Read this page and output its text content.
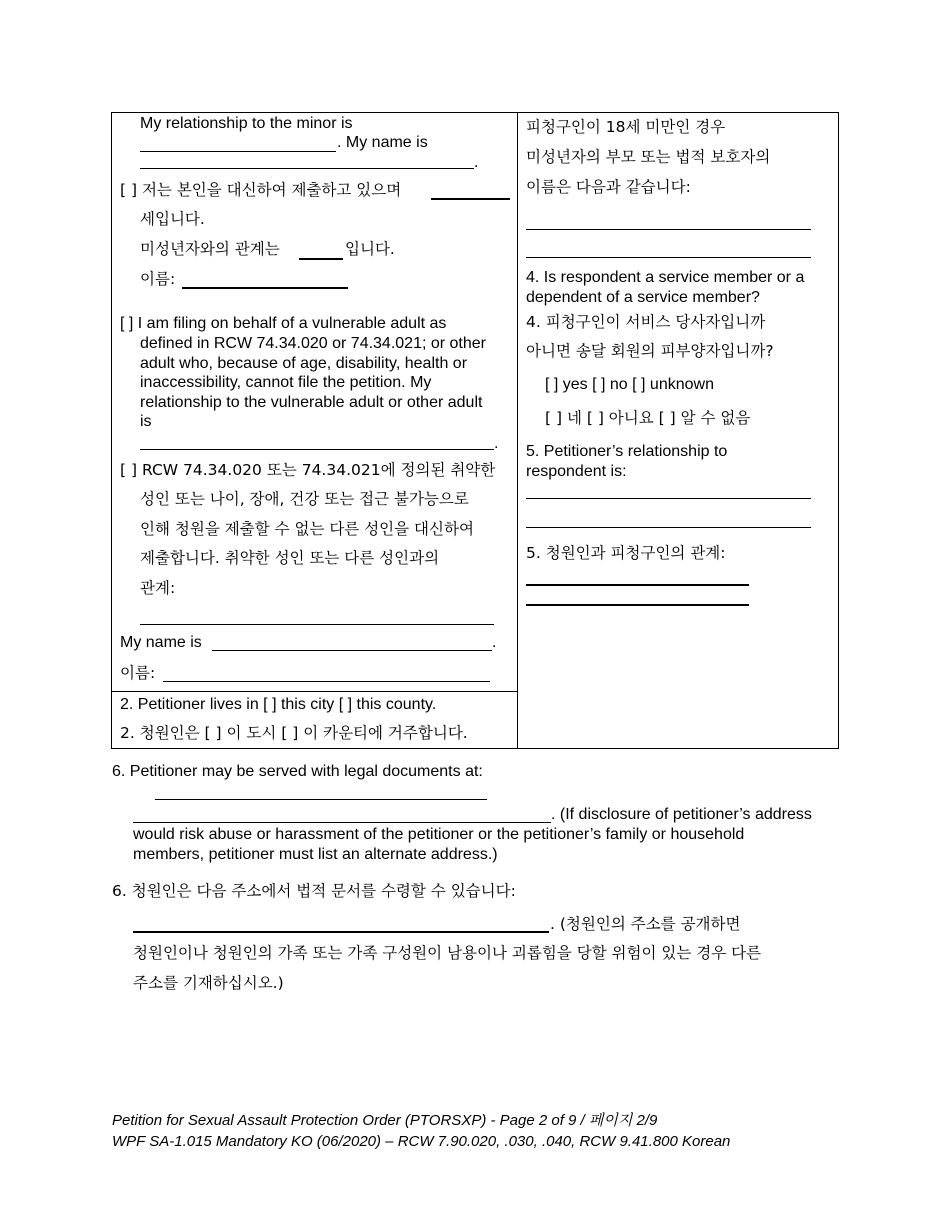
My relationship to the minor is
. My name is
.
[ ] 저는 본인을 대신하여 제출하고 있으며
세입니다.
미성년자와의 관계는	입니다.
이름:
[ ] I am filing on behalf of a vulnerable adult as
defined in RCW 74.34.020 or 74.34.021; or other
adult who, because of age, disability, health or
inaccessibility, cannot file the petition. My
relationship to the vulnerable adult or other adult
is
.
[ ] RCW 74.34.020 또는 74.34.021에 정의된 취약한
성인 또는 나이, 장애, 건강 또는 접근 불가능으로
인해 청원을 제출할 수 없는 다른 성인을 대신하여
제출합니다. 취약한 성인 또는 다른 성인과의
관계:
My name is	.
이름:
2. Petitioner lives in [ ] this city [ ] this county.
2. 청원인은 [ ] 이 도시 [ ] 이 카운티에 거주합니다.
피청구인이 18세 미만인 경우
미성년자의 부모 또는 법적 보호자의
이름은 다음과 같습니다:
4. Is respondent a service member or a
dependent of a service member?
4. 피청구인이 서비스 당사자입니까
아니면 송달 회원의 피부양자입니까?
[ ] yes [ ] no [ ] unknown
[ ] 네 [ ] 아니요 [ ] 알 수 없음
5. Petitioner’s relationship to
respondent is:
5. 청원인과 피청구인의 관계:
6. Petitioner may be served with legal documents at:
. (If disclosure of petitioner’s address
would risk abuse or harassment of the petitioner or the petitioner’s family or household
members, petitioner must list an alternate address.)
6. 청원인은 다음 주소에서 법적 문서를 수령할 수 있습니다:
. (청원인의 주소를 공개하면
청원인이나 청원인의 가족 또는 가족 구성원이 남용이나 괴롭힘을 당할 위험이 있는 경우 다른
주소를 기재하십시오.)
Petition for Sexual Assault Protection Order (PTORSXP) - Page 2 of 9 / 페이지 2/9
WPF SA-1.015 Mandatory KO (06/2020) – RCW 7.90.020, .030, .040, RCW 9.41.800 Korean
